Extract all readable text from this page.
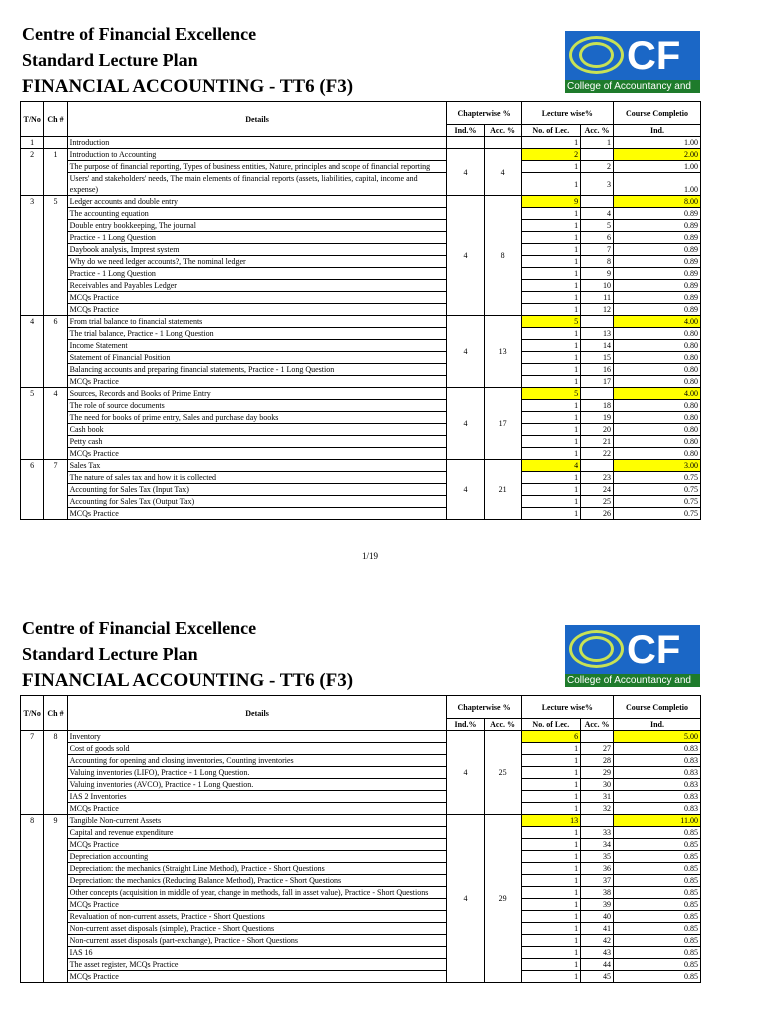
Centre of Financial Excellence
Standard Lecture Plan
FINANCIAL ACCOUNTING - TT6 (F3)
CF
College of Accountancy and
T/No	Ch #	Details	Chapterwise %		Lecture wise%		Course Completio
			Ind.%	Acc. %	No. of Lec.	Acc. %	Ind.
1		Introduction			1	1	1.00
2	1	Introduction to Accounting	4	4	2		2.00
		The purpose of financial reporting, Types of business entities, Nature, principles and scope of financial reporting			1	2	1.00
		Users' and stakeholders' needs, The main elements of financial reports (assets, liabilities, capital, income and expense)			1	3	1.00
3	5	Ledger accounts and double entry	4	8	9		8.00
		The accounting equation			1	4	0.89
		Double entry bookkeeping, The journal			1	5	0.89
		Practice - 1 Long Question			1	6	0.89
		Daybook analysis, Imprest system			1	7	0.89
		Why do we need ledger accounts?, The nominal ledger			1	8	0.89
		Practice - 1 Long Question			1	9	0.89
		Receivables and Payables Ledger			1	10	0.89
		MCQs Practice			1	11	0.89
		MCQs Practice			1	12	0.89
4	6	From trial balance to financial statements	4	13	5		4.00
		The trial balance, Practice - 1 Long Question			1	13	0.80
		Income Statement			1	14	0.80
		Statement of Financial Position			1	15	0.80
		Balancing accounts and preparing financial statements, Practice - 1 Long Question			1	16	0.80
		MCQs Practice			1	17	0.80
5	4	Sources, Records and Books of Prime Entry	4	17	5		4.00
		The role of source documents			1	18	0.80
		The need for books of prime entry, Sales and purchase day books			1	19	0.80
		Cash book			1	20	0.80
		Petty cash			1	21	0.80
		MCQs Practice			1	22	0.80
6	7	Sales Tax	4	21	4		3.00
		The nature of sales tax and how it is collected			1	23	0.75
		Accounting for Sales Tax (Input Tax)			1	24	0.75
		Accounting for Sales Tax (Output Tax)			1	25	0.75
		MCQs Practice			1	26	0.75
1/19
Centre of Financial Excellence
Standard Lecture Plan
FINANCIAL ACCOUNTING - TT6 (F3)
CF
College of Accountancy and
T/No	Ch #	Details	Chapterwise %		Lecture wise%		Course Completio
			Ind.%	Acc. %	No. of Lec.	Acc. %	Ind.
7	8	Inventory	4	25	6		5.00
		Cost of goods sold			1	27	0.83
		Accounting for opening and closing inventories, Counting inventories			1	28	0.83
		Valuing inventories (LIFO), Practice - 1 Long Question.			1	29	0.83
		Valuing inventories (AVCO), Practice - 1 Long Question.			1	30	0.83
		IAS 2 Inventories			1	31	0.83
		MCQs Practice			1	32	0.83
8	9	Tangible Non-current Assets	4	29	13		11.00
		Capital and revenue expenditure			1	33	0.85
		MCQs Practice			1	34	0.85
		Depreciation accounting			1	35	0.85
		Depreciation: the mechanics (Straight Line Method), Practice - Short Questions			1	36	0.85
		Depreciation: the mechanics (Reducing Balance Method), Practice - Short Questions			1	37	0.85
		Other concepts (acquisition in middle of year, change in methods, fall in asset value), Practice - Short Questions			1	38	0.85
		MCQs Practice			1	39	0.85
		Revaluation of non-current assets, Practice - Short Questions			1	40	0.85
		Non-current asset disposals (simple), Practice - Short Questions			1	41	0.85
		Non-current asset disposals (part-exchange), Practice - Short Questions			1	42	0.85
		IAS 16			1	43	0.85
		The asset register, MCQs Practice			1	44	0.85
		MCQs Practice			1	45	0.85
